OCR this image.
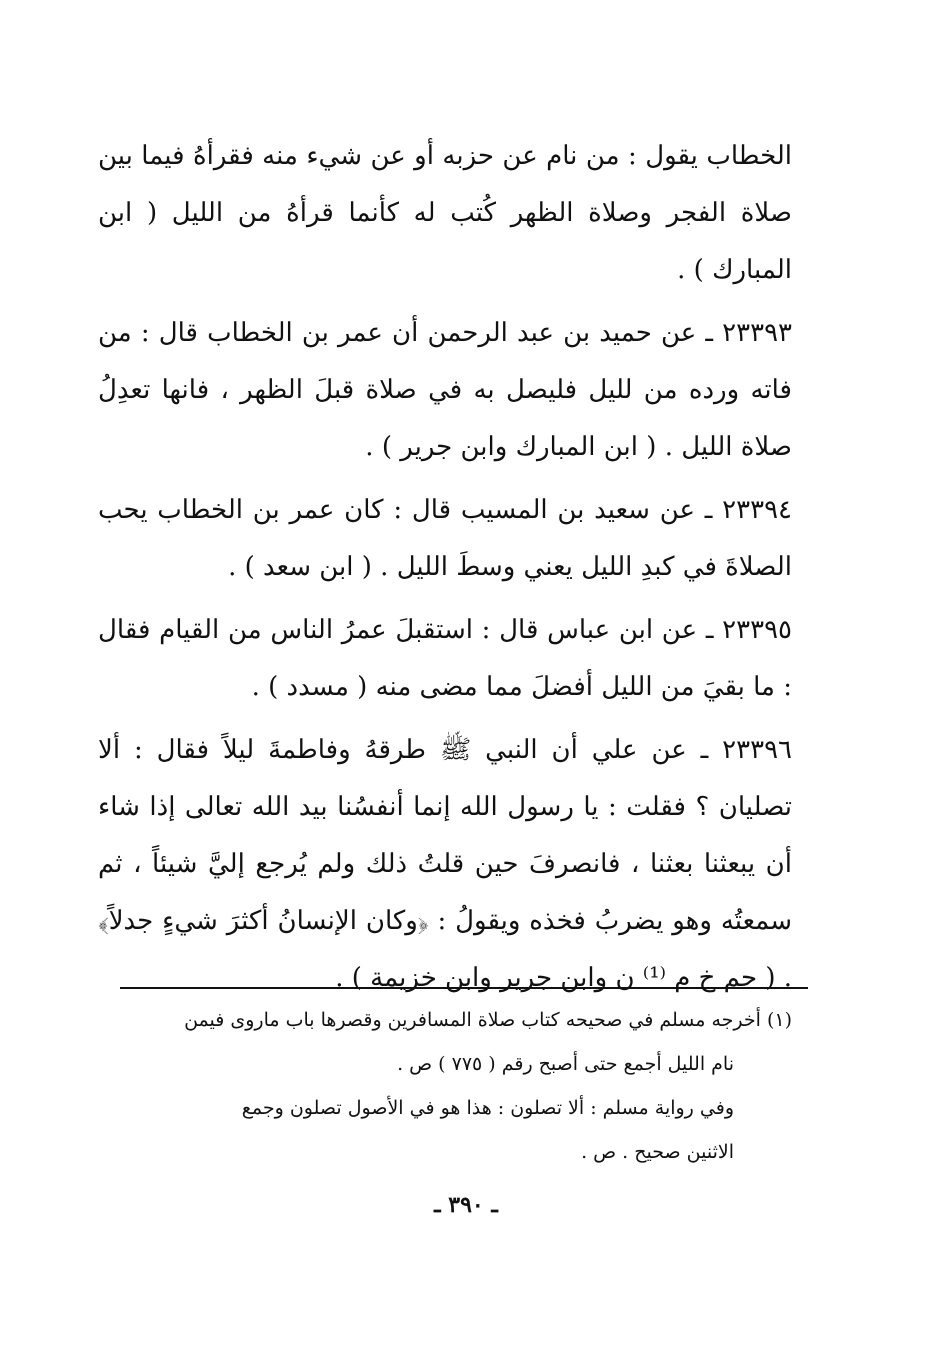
الخطاب يقول : من نام عن حزبه أو عن شيء منه فقرأهُ فيما بين صلاة الفجر وصلاة الظهر كُتب له كأنما قرأهُ من الليل ( ابن المبارك ) .

٢٣٣٩٣ ـ عن حميد بن عبد الرحمن أن عمر بن الخطاب قال : من فاته ورده من لليل فليصل به في صلاة قبلَ الظهر ، فانها تعدِلُ صلاة الليل . ( ابن المبارك وابن جرير ) .

٢٣٣٩٤ ـ عن سعيد بن المسيب قال : كان عمر بن الخطاب يحب الصلاةَ في كبدِ الليل يعني وسطَ الليل . ( ابن سعد ) .

٢٣٣٩٥ ـ عن ابن عباس قال : استقبلَ عمرُ الناس من القيام فقال : ما بقيَ من الليل أفضلَ مما مضى منه ( مسدد ) .

٢٣٣٩٦ ـ عن علي أن النبي ﷺ طرقهُ وفاطمةَ ليلاً فقال : ألا تصليان ؟ فقلت : يا رسول الله إنما أنفسُنا بيد الله تعالى إذا شاء أن يبعثنا بعثنا ، فانصرفَ حين قلتُ ذلك ولم يُرجع إليَّ شيئاً ، ثم سمعتُه وهو يضربُ فخذه ويقولُ : ﴿وكان الإنسانُ أكثرَ شيءٍ جدلاً﴾ . ( حم خ م ⁽¹⁾ ن وابن جرير وابن خزيمة ) .

(١) أخرجه مسلم في صحيحه كتاب صلاة المسافرين وقصرها باب ماروى فيمن

نام الليل أجمع حتى أصبح رقم ( ٧٧٥ ) ص .

وفي رواية مسلم : ألا تصلون : هذا هو في الأصول تصلون وجمع

الاثنين صحيح . ص .

ـ ٣٩٠ ـ
